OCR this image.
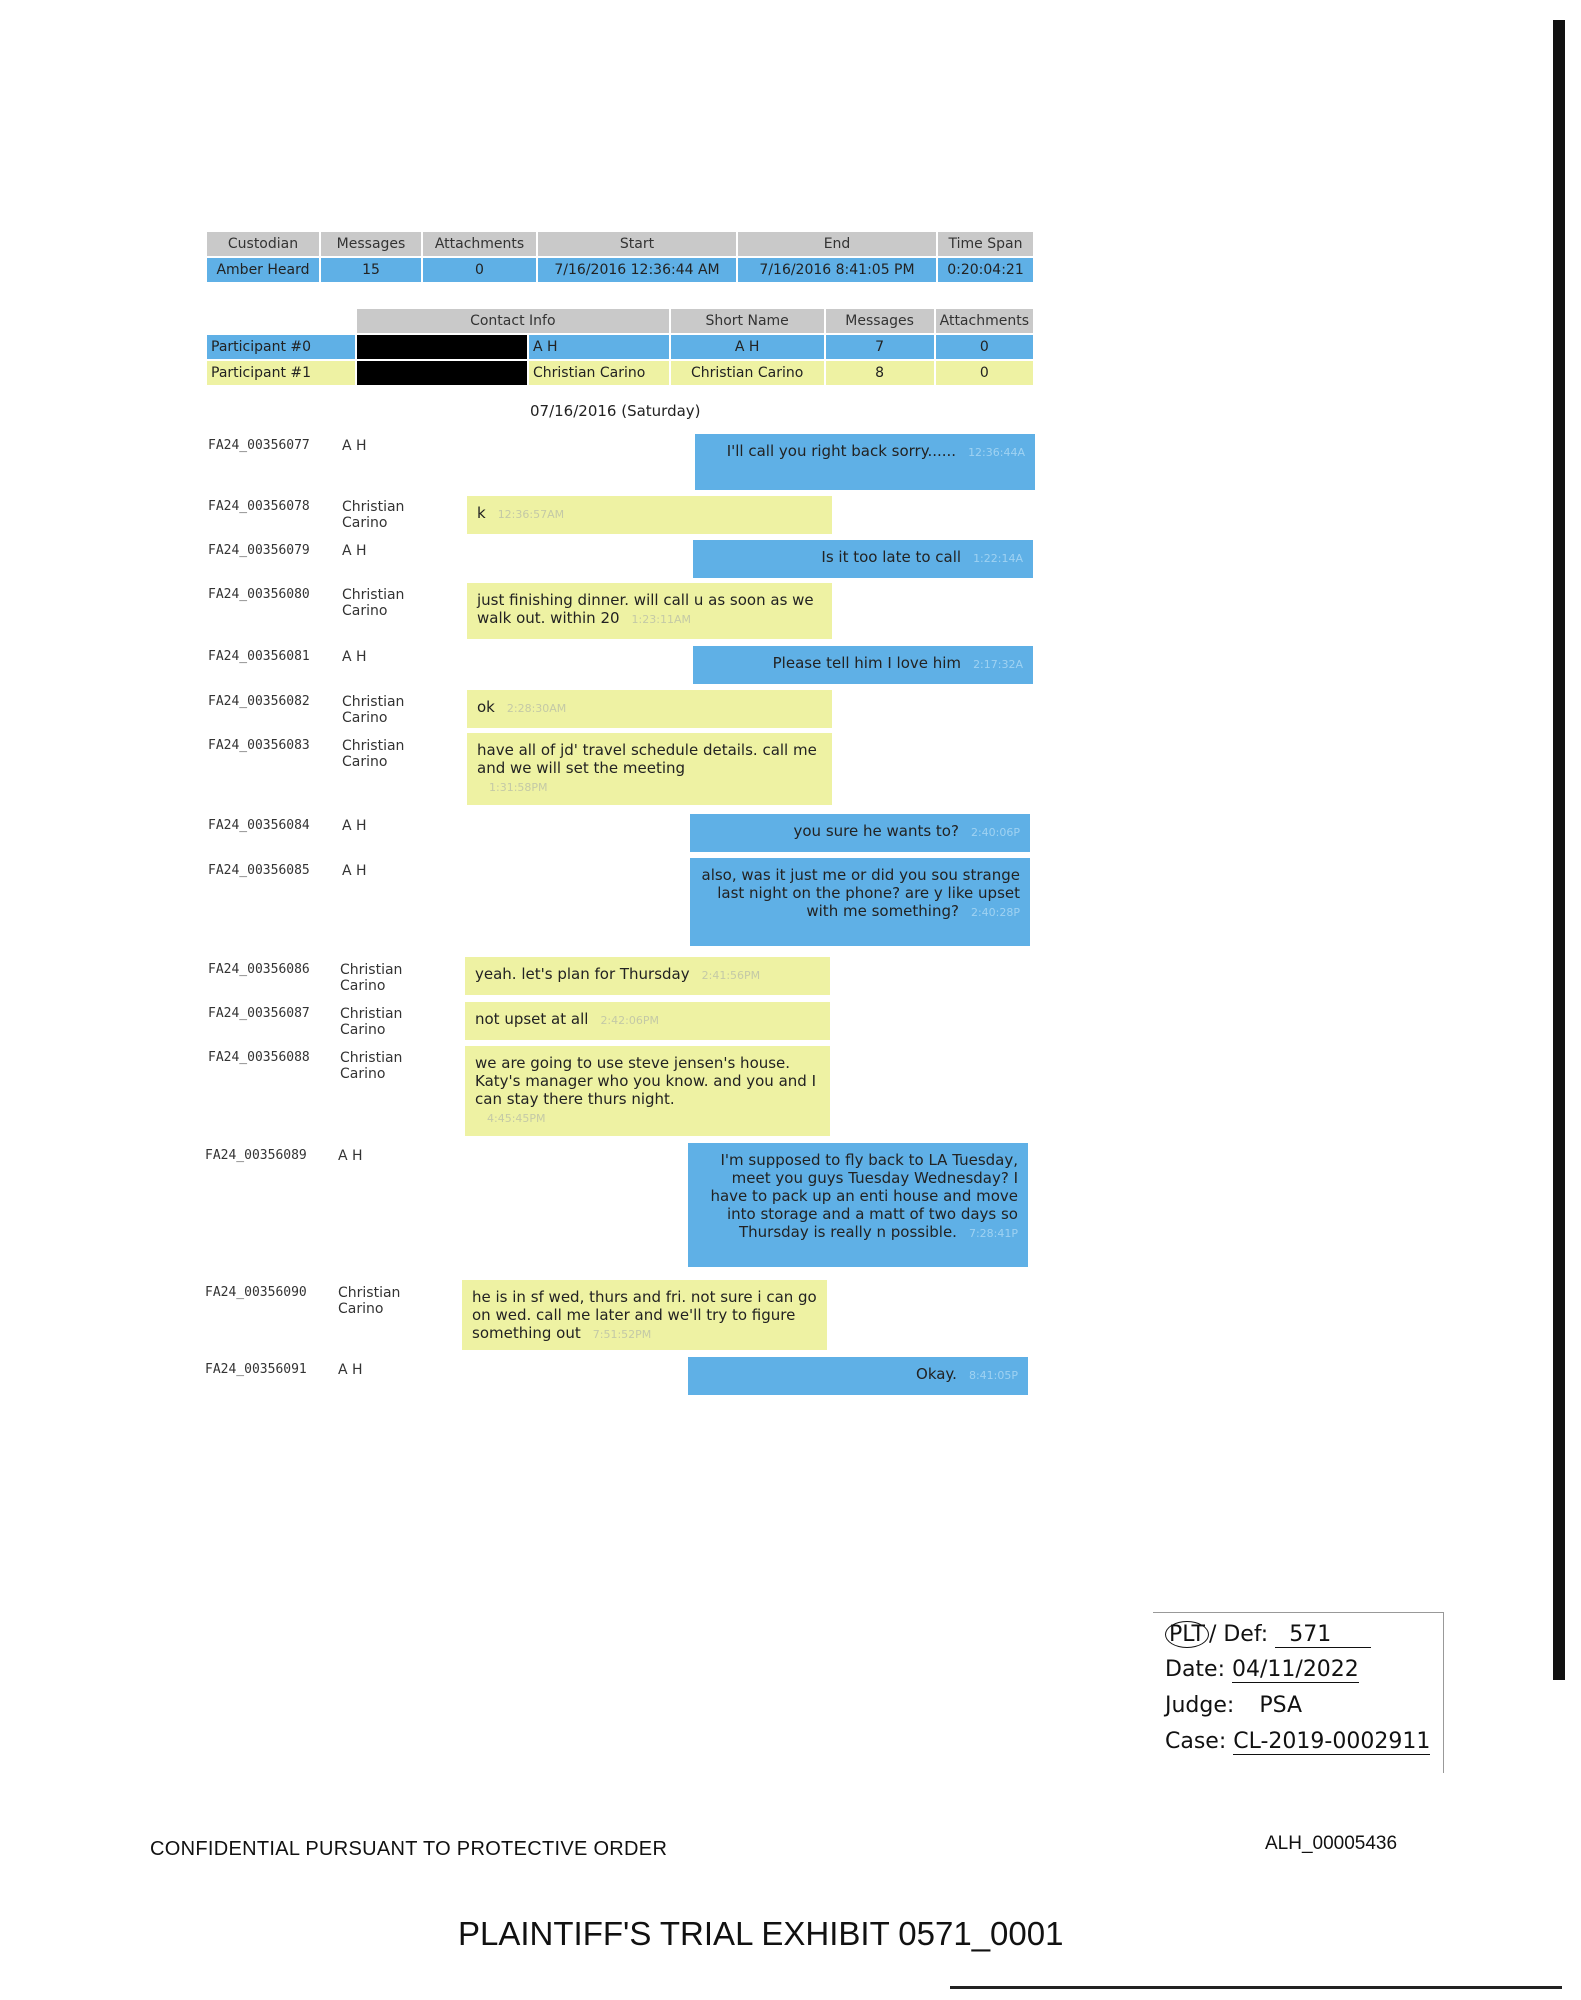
Custodian	Messages	Attachments	Start	End	Time Span
Amber Heard	15	0	7/16/2016 12:36:44 AM	7/16/2016 8:41:05 PM	0:20:04:21
	Contact Info		Short Name	Messages	Attachments
Participant #0		A H	A H	7	0
Participant #1		Christian Carino	Christian Carino	8	0
07/16/2016 (Saturday)
FA24_00356077 A H	I'll call you right back sorry...... 12:36:44A
FA24_00356078 Christian Carino
k 12:36:57AM
FA24_00356079 A H	Is it too late to call 1:22:14A
FA24_00356080 Christian Carino
just finishing dinner. will call u as soon as we walk out. within 20 1:23:11AM
FA24_00356081 A H	Please tell him I love him 2:17:32A
FA24_00356082 Christian Carino
ok 2:28:30AM
FA24_00356083 Christian Carino
have all of jd' travel schedule details. call me and we will set the meeting
1:31:58PM
FA24_00356084 A H	you sure he wants to? 2:40:06P
FA24_00356085 A H	also, was it just me or did you sou strange last night on the phone? are y like upset with me something? 2:40:28P
FA24_00356086 Christian Carino
yeah. let's plan for Thursday 2:41:56PM
FA24_00356087 Christian Carino
not upset at all 2:42:06PM
FA24_00356088 Christian Carino
we are going to use steve jensen's house. Katy's manager who you know. and you and I can stay there thurs night.
4:45:45PM
FA24_00356089 A H	I'm supposed to fly back to LA Tuesday, meet you guys Tuesday Wednesday? I have to pack up an enti house and move into storage and a matt of two days so Thursday is really n possible. 7:28:41P
FA24_00356090 Christian Carino
he is in sf wed, thurs and fri. not sure i can go on wed. call me later and we'll try to figure something out 7:51:52PM
FA24_00356091 A H	Okay. 8:41:05P
PLT / Def: 571
Date: 04/11/2022
Judge: PSA
Case: CL-2019-0002911
CONFIDENTIAL PURSUANT TO PROTECTIVE ORDER	ALH_00005436
PLAINTIFF'S TRIAL EXHIBIT 0571_0001
